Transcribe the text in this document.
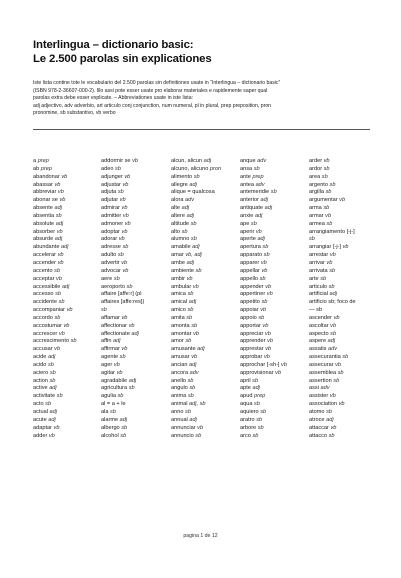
Interlingua – dictionario basic:
Le 2.500 parolas sin explicationes

Iste lista contine tote le vocabulario del 2.500 parolas sin definitiones usate in “Interlingua – dictionario basic”

(ISBN 978-2-36607-000-2). Illo assi pote esser usate pro elaborar materiales e rapidemente saper qual

parolas extra debe esser explicate. – Abbreviationes usate in iste lista:

adj adjectivo, adv adverbio, art articulo conj conjunction, num numeral, pl in plural, prep preposition, pron

pronomine, sb substantivo, vb verbo

a prep
ab prep
abandonar vb
abassar vb
abbreviar vb
abonar se vb
absente adj
absentia sb
absolute adj
absorber vb
absurde adj
abundante adj
accelerar vb
accender vb
accento sb
acceptar vb
accessibile adj
accesso sb
accidente sb
accompaniar vb
accordo sb
accostumar vb
accrescer vb
accrescimento sb
accusar vb
acide adj
acido sb
aciero sb
action sb
active adj
activitate sb
acto sb
actual adj
acute adj
adaptar vb
adder vb
addormir se vb
adeo sb
adjunger vb
adjustar vb
adjuta sb
adjutar vb
admirar vb
admitter vb
admoner vb
adoptar vb
adorar vb
adresse sb
adulto sb
advertir vb
advocar vb
aere sb
aeroporto sb
affaire [affe:r] (pl
affaires [affe:res])
sb
affamar vb
affectionar vb
affectionate adj
affin adj
affirmar vb
agente sb
ager vb
agitar vb
agradabile adj
agricultura sb
agulia sb
al = a + le
ala sb
alarme adj
albergo sb
alcohol sb
alcun, alicun adj
alcuno, alicuno pron
alimento sb
allegre adj
alique = qualcosa
alora adv
alte adj
altere adj
altitude sb
alto sb
alumno sb
amabile adj
amar vb, adj
ambe adj
ambiente sb
ambir vb
ambular vb
amica sb
amical adj
amico sb
amita sb
amonta sb
amontar vb
amor sb
amusante adj
amusar vb
ancian adj
ancora adv
anello sb
angulo sb
anima sb
animal adj, sb
anno sb
annual adj
annunciar vb
annuncio sb
anque adv
ansa sb
ante prep
antea adv
antemeridie sb
anterior adj
antiquate adj
anxie adj
ape sb
aperir vb
aperte adj
apertura sb
apparato sb
apparer vb
appellar vb
appello sb
appender vb
appertiner vb
appetito sb
appoiar vb
appoio sb
apportar vb
appreciar vb
apprender vb
apprestar vb
approbar vb
approchar [-sh-] vb
approvisionar vb
april sb
apte adj
apud prep
aqua sb
aquiero sb
aratro sb
arbore sb
arco sb
arder vb
ardor sb
area sb
argento sb
argilla sb
argumentar vb
arma sb
armar vb
armea sb
arrangiamento [-j-]
sb
arrangiar [-j-] vb
arrestar vb
arrivar vb
arrivata sb
arte sb
articulo sb
artificial adj
artificio sb; foco de
— sb
ascender vb
ascoltar vb
aspecto sb
aspere adj
assatis adv
assecurantia sb
assecurar vb
assemblea sb
assertion sb
assi adv
assister vb
association vb
atomo sb
atroce adj
attaccar vb
attacco sb
pagina 1 de 12
